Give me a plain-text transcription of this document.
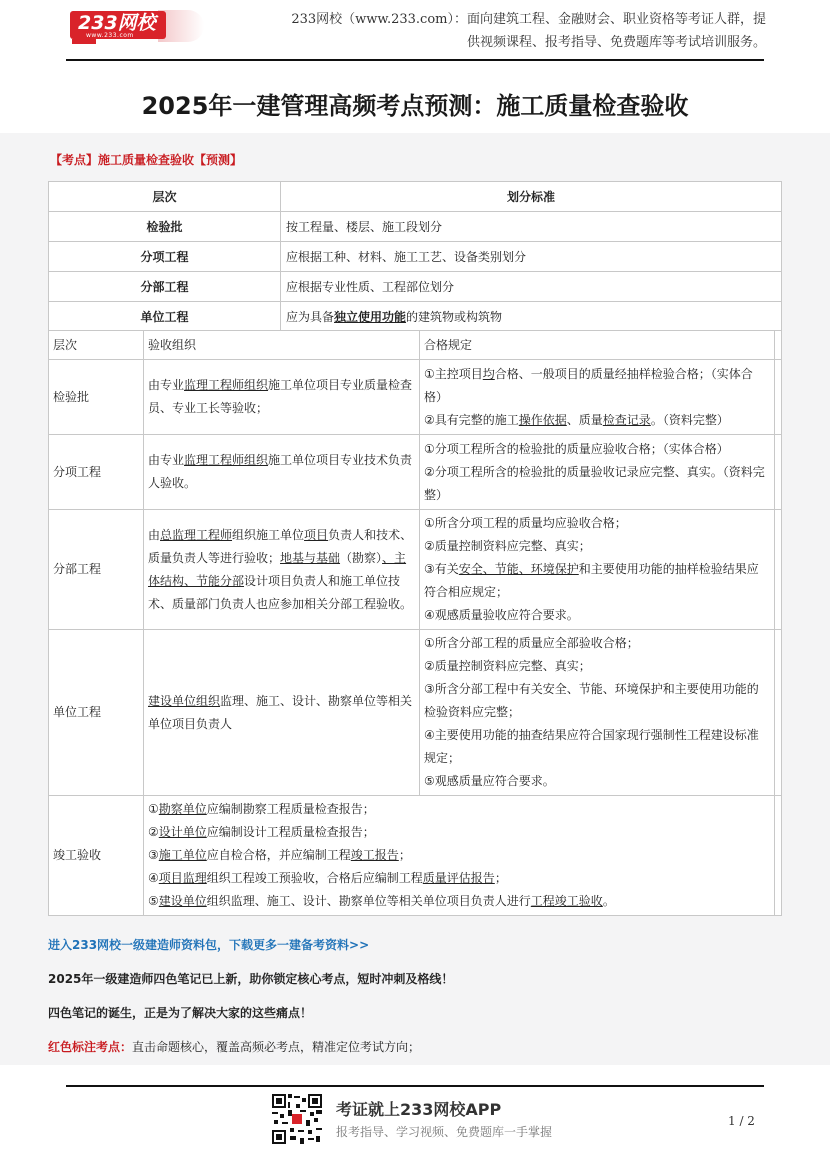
233网校
www.233.com
233网校（www.233.com）：面向建筑工程、金融财会、职业资格等考证人群，提
供视频课程、报考指导、免费题库等考试培训服务。
2025年一建管理高频考点预测：施工质量检查验收
【考点】施工质量检查验收【预测】
层次	划分标准
检验批	按工程量、楼层、施工段划分
分项工程	应根据工种、材料、施工工艺、设备类别划分
分部工程	应根据专业性质、工程部位划分
单位工程	应为具备独立使用功能的建筑物或构筑物
层次	验收组织	合格规定	
检验批	由专业监理工程师组织施工单位项目专业质量检查员、专业工长等验收；	①主控项目均合格、一般项目的质量经抽样检验合格；（实体合格）

②具有完整的施工操作依据、质量检查记录。（资料完整）	

分项工程	由专业监理工程师组织施工单位项目专业技术负责人验收。	①分项工程所含的检验批的质量应验收合格；（实体合格）

②分项工程所含的检验批的质量验收记录应完整、真实。（资料完整）	

分部工程	由总监理工程师组织施工单位项目负责人和技术、质量负责人等进行验收；地基与基础（勘察）、主体结构、节能分部设计项目负责人和施工单位技术、质量部门负责人也应参加相关分部工程验收。	①所含分项工程的质量均应验收合格；

②质量控制资料应完整、真实；

③有关安全、节能、环境保护和主要使用功能的抽样检验结果应符合相应规定；

④观感质量验收应符合要求。	

单位工程	建设单位组织监理、施工、设计、勘察单位等相关单位项目负责人	①所含分部工程的质量应全部验收合格；

②质量控制资料应完整、真实；

③所含分部工程中有关安全、节能、环境保护和主要使用功能的检验资料应完整；

④主要使用功能的抽查结果应符合国家现行强制性工程建设标准规定；

⑤观感质量应符合要求。	

竣工验收	①勘察单位应编制勘察工程质量检查报告；

②设计单位应编制设计工程质量检查报告；

③施工单位应自检合格，并应编制工程竣工报告；

④项目监理组织工程竣工预验收，合格后应编制工程质量评估报告；

⑤建设单位组织监理、施工、设计、勘察单位等相关单位项目负责人进行工程竣工验收。		

进入233网校一级建造师资料包，下载更多一建备考资料>>
2025年一级建造师四色笔记已上新，助你锁定核心考点，短时冲刺及格线！
四色笔记的诞生，正是为了解决大家的这些痛点！
红色标注考点：直击命题核心，覆盖高频必考点，精准定位考试方向；
考证就上233网校APP
报考指导、学习视频、免费题库一手掌握
1 / 2
